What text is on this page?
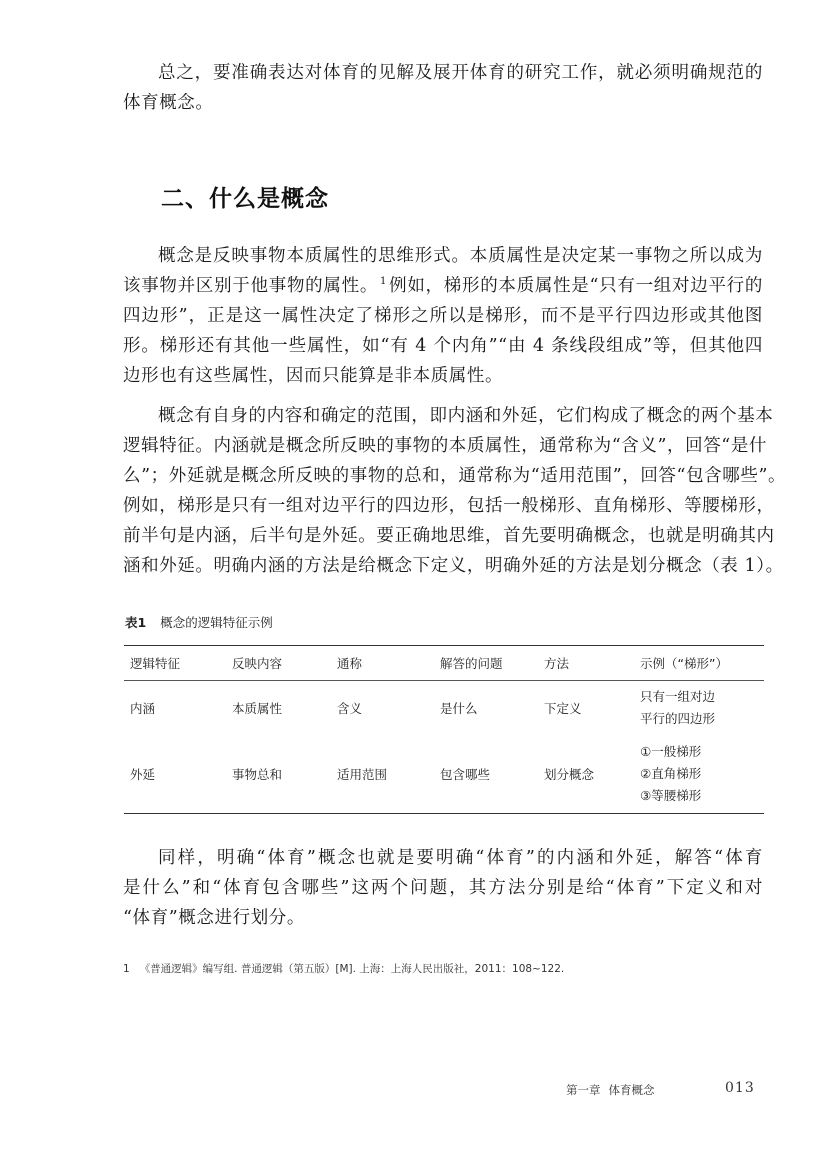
总之，要准确表达对体育的见解及展开体育的研究工作，就必须明确规范的
体育概念。
二、什么是概念
概念是反映事物本质属性的思维形式。本质属性是决定某一事物之所以成为
该事物并区别于他事物的属性。 $^1$ 例如，梯形的本质属性是“只有一组对边平行的
四边形”，正是这一属性决定了梯形之所以是梯形，而不是平行四边形或其他图
形。梯形还有其他一些属性，如“有 4 个内角”“由 4 条线段组成”等，但其他四
边形也有这些属性，因而只能算是非本质属性。
概念有自身的内容和确定的范围，即内涵和外延，它们构成了概念的两个基本
逻辑特征。内涵就是概念所反映的事物的本质属性，通常称为“含义”，回答“是什
么”；外延就是概念所反映的事物的总和，通常称为“适用范围”，回答“包含哪些”。
例如，梯形是只有一组对边平行的四边形，包括一般梯形、直角梯形、等腰梯形，
前半句是内涵，后半句是外延。要正确地思维，首先要明确概念，也就是明确其内
涵和外延。明确内涵的方法是给概念下定义，明确外延的方法是划分概念（表 1）。
表1 概念的逻辑特征示例
逻辑特征	反映内容	通称	解答的问题	方法	示例（“梯形”）
内涵	本质属性	含义	是什么	下定义	只有一组对边
平行的四边形

外延	事物总和	适用范围	包含哪些	划分概念	①一般梯形
②直角梯形
③等腰梯形
同样，明确“体育”概念也就是要明确“体育”的内涵和外延，解答“体育
是什么”和“体育包含哪些”这两个问题，其方法分别是给“体育”下定义和对
“体育”概念进行划分。
1 《普通逻辑》编写组. 普通逻辑（第五版）[M]. 上海：上海人民出版社，2011：108~122.
第一章 体育概念	013
